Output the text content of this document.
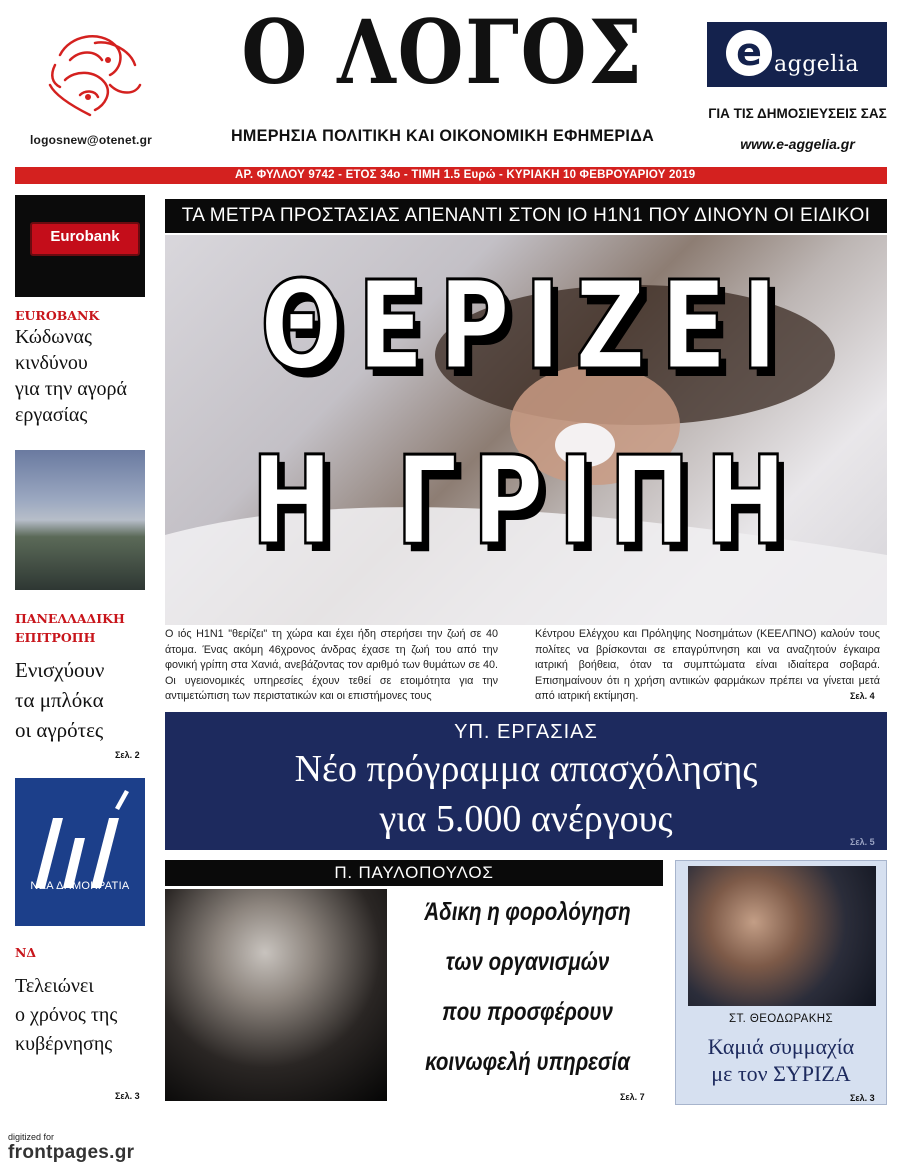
logosnew@otenet.gr
Ο ΛΟΓΟΣ
ΗΜΕΡΗΣΙΑ ΠΟΛΙΤΙΚΗ ΚΑΙ ΟΙΚΟΝΟΜΙΚΗ ΕΦΗΜΕΡΙΔΑ
e aggelia
ΓΙΑ ΤΙΣ ΔΗΜΟΣΙΕΥΣΕΙΣ ΣΑΣ
www.e-aggelia.gr
ΑΡ. ΦΥΛΛΟΥ 9742 - ΕΤΟΣ 34ο - ΤΙΜΗ 1.5 Ευρώ - ΚΥΡΙΑΚΗ 10 ΦΕΒΡΟΥΑΡΙΟΥ 2019
Eurobank
EUROBANK
Κώδωνας
κινδύνου
για την αγορά
εργασίας
ΠΑΝΕΛΛΑΔΙΚΗ
ΕΠΙΤΡΟΠΗ
Ενισχύουν
τα μπλόκα
οι αγρότες
Σελ. 2
ΝΕΑ ΔΗΜΟΚΡΑΤΙΑ
ΝΔ
Τελειώνει
ο χρόνος της
κυβέρνησης
Σελ. 3
ΤΑ ΜΕΤΡΑ ΠΡΟΣΤΑΣΙΑΣ ΑΠΕΝΑΝΤΙ ΣΤΟΝ ΙΟ Η1Ν1 ΠΟΥ ΔΙΝΟΥΝ ΟΙ ΕΙΔΙΚΟΙ
ΘΕΡΙΖΕΙ
Η ΓΡΙΠΗ
Ο ιός Η1Ν1 "θερίζει" τη χώρα και έχει ήδη στερήσει την ζωή σε 40 άτομα. Ένας ακόμη 46χρονος άνδρας έχασε τη ζωή του από την φονική γρίπη στα Χανιά, ανεβάζοντας τον αριθμό των θυμάτων σε 40. Οι υγειονομικές υπηρεσίες έχουν τεθεί σε ετοιμότητα για την αντιμετώπιση των περιστατικών και οι επιστήμονες τους
Κέντρου Ελέγχου και Πρόληψης Νοσημάτων (ΚΕΕΛΠΝΟ) καλούν τους πολίτες να βρίσκονται σε επαγρύπνηση και να αναζητούν έγκαιρα ιατρική βοήθεια, όταν τα συμπτώματα είναι ιδιαίτερα σοβαρά. Επισημαίνουν ότι η χρήση αντιικών φαρμάκων πρέπει να γίνεται μετά από ιατρική εκτίμηση.	Σελ. 4
ΥΠ. ΕΡΓΑΣΙΑΣ
Νέο πρόγραμμα απασχόλησης
για 5.000 ανέργους
Σελ. 5
Π. ΠΑΥΛΟΠΟΥΛΟΣ
Άδικη η φορολόγηση
των οργανισμών
που προσφέρουν
κοινωφελή υπηρεσία
Σελ. 7
ΣΤ. ΘΕΟΔΩΡΑΚΗΣ
Καμιά συμμαχία
με τον ΣΥΡΙΖΑ
Σελ. 3
digitized for
frontpages.gr
